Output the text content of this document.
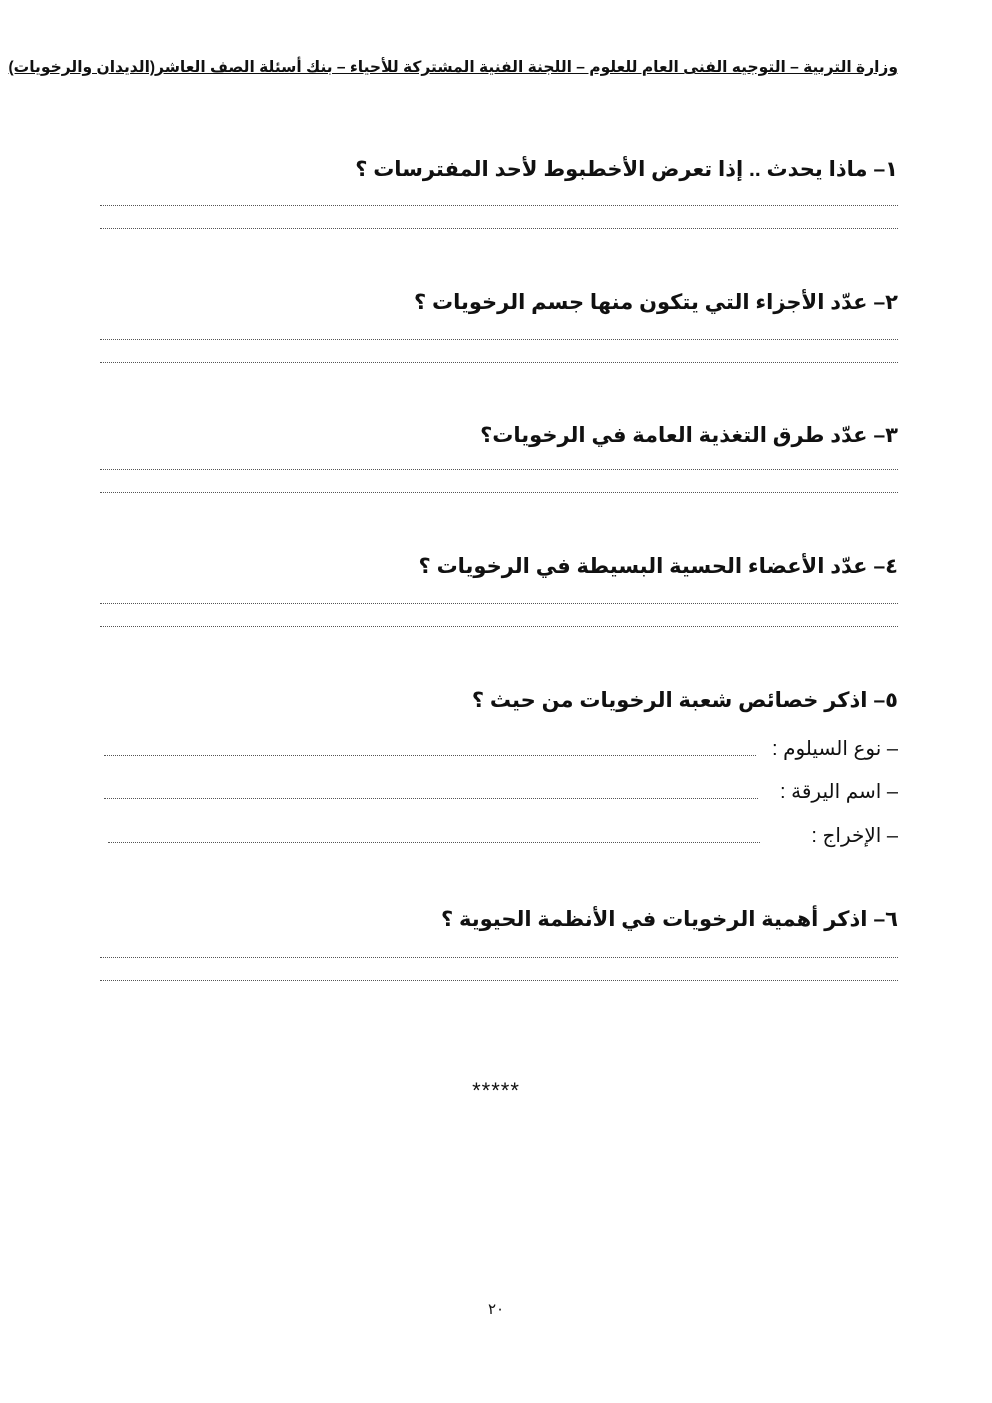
وزارة التربية – التوجيه الفنى العام للعلوم – اللجنة الفنية المشتركة للأحياء – بنك أسئلة الصف العاشر(الديدان والرخويات)
١–ماذا يحدث .. إذا تعرض الأخطبوط لأحد المفترسات ؟
٢–عدّد الأجزاء التي يتكون منها جسم الرخويات ؟
٣–عدّد طرق التغذية العامة في الرخويات؟
٤–عدّد الأعضاء الحسية البسيطة في الرخويات ؟
٥–اذكر خصائص شعبة الرخويات من حيث ؟
– نوع السيلوم :
– اسم اليرقة :
– الإخراج :
٦–اذكر أهمية الرخويات في الأنظمة الحيوية ؟
*****
٢٠
